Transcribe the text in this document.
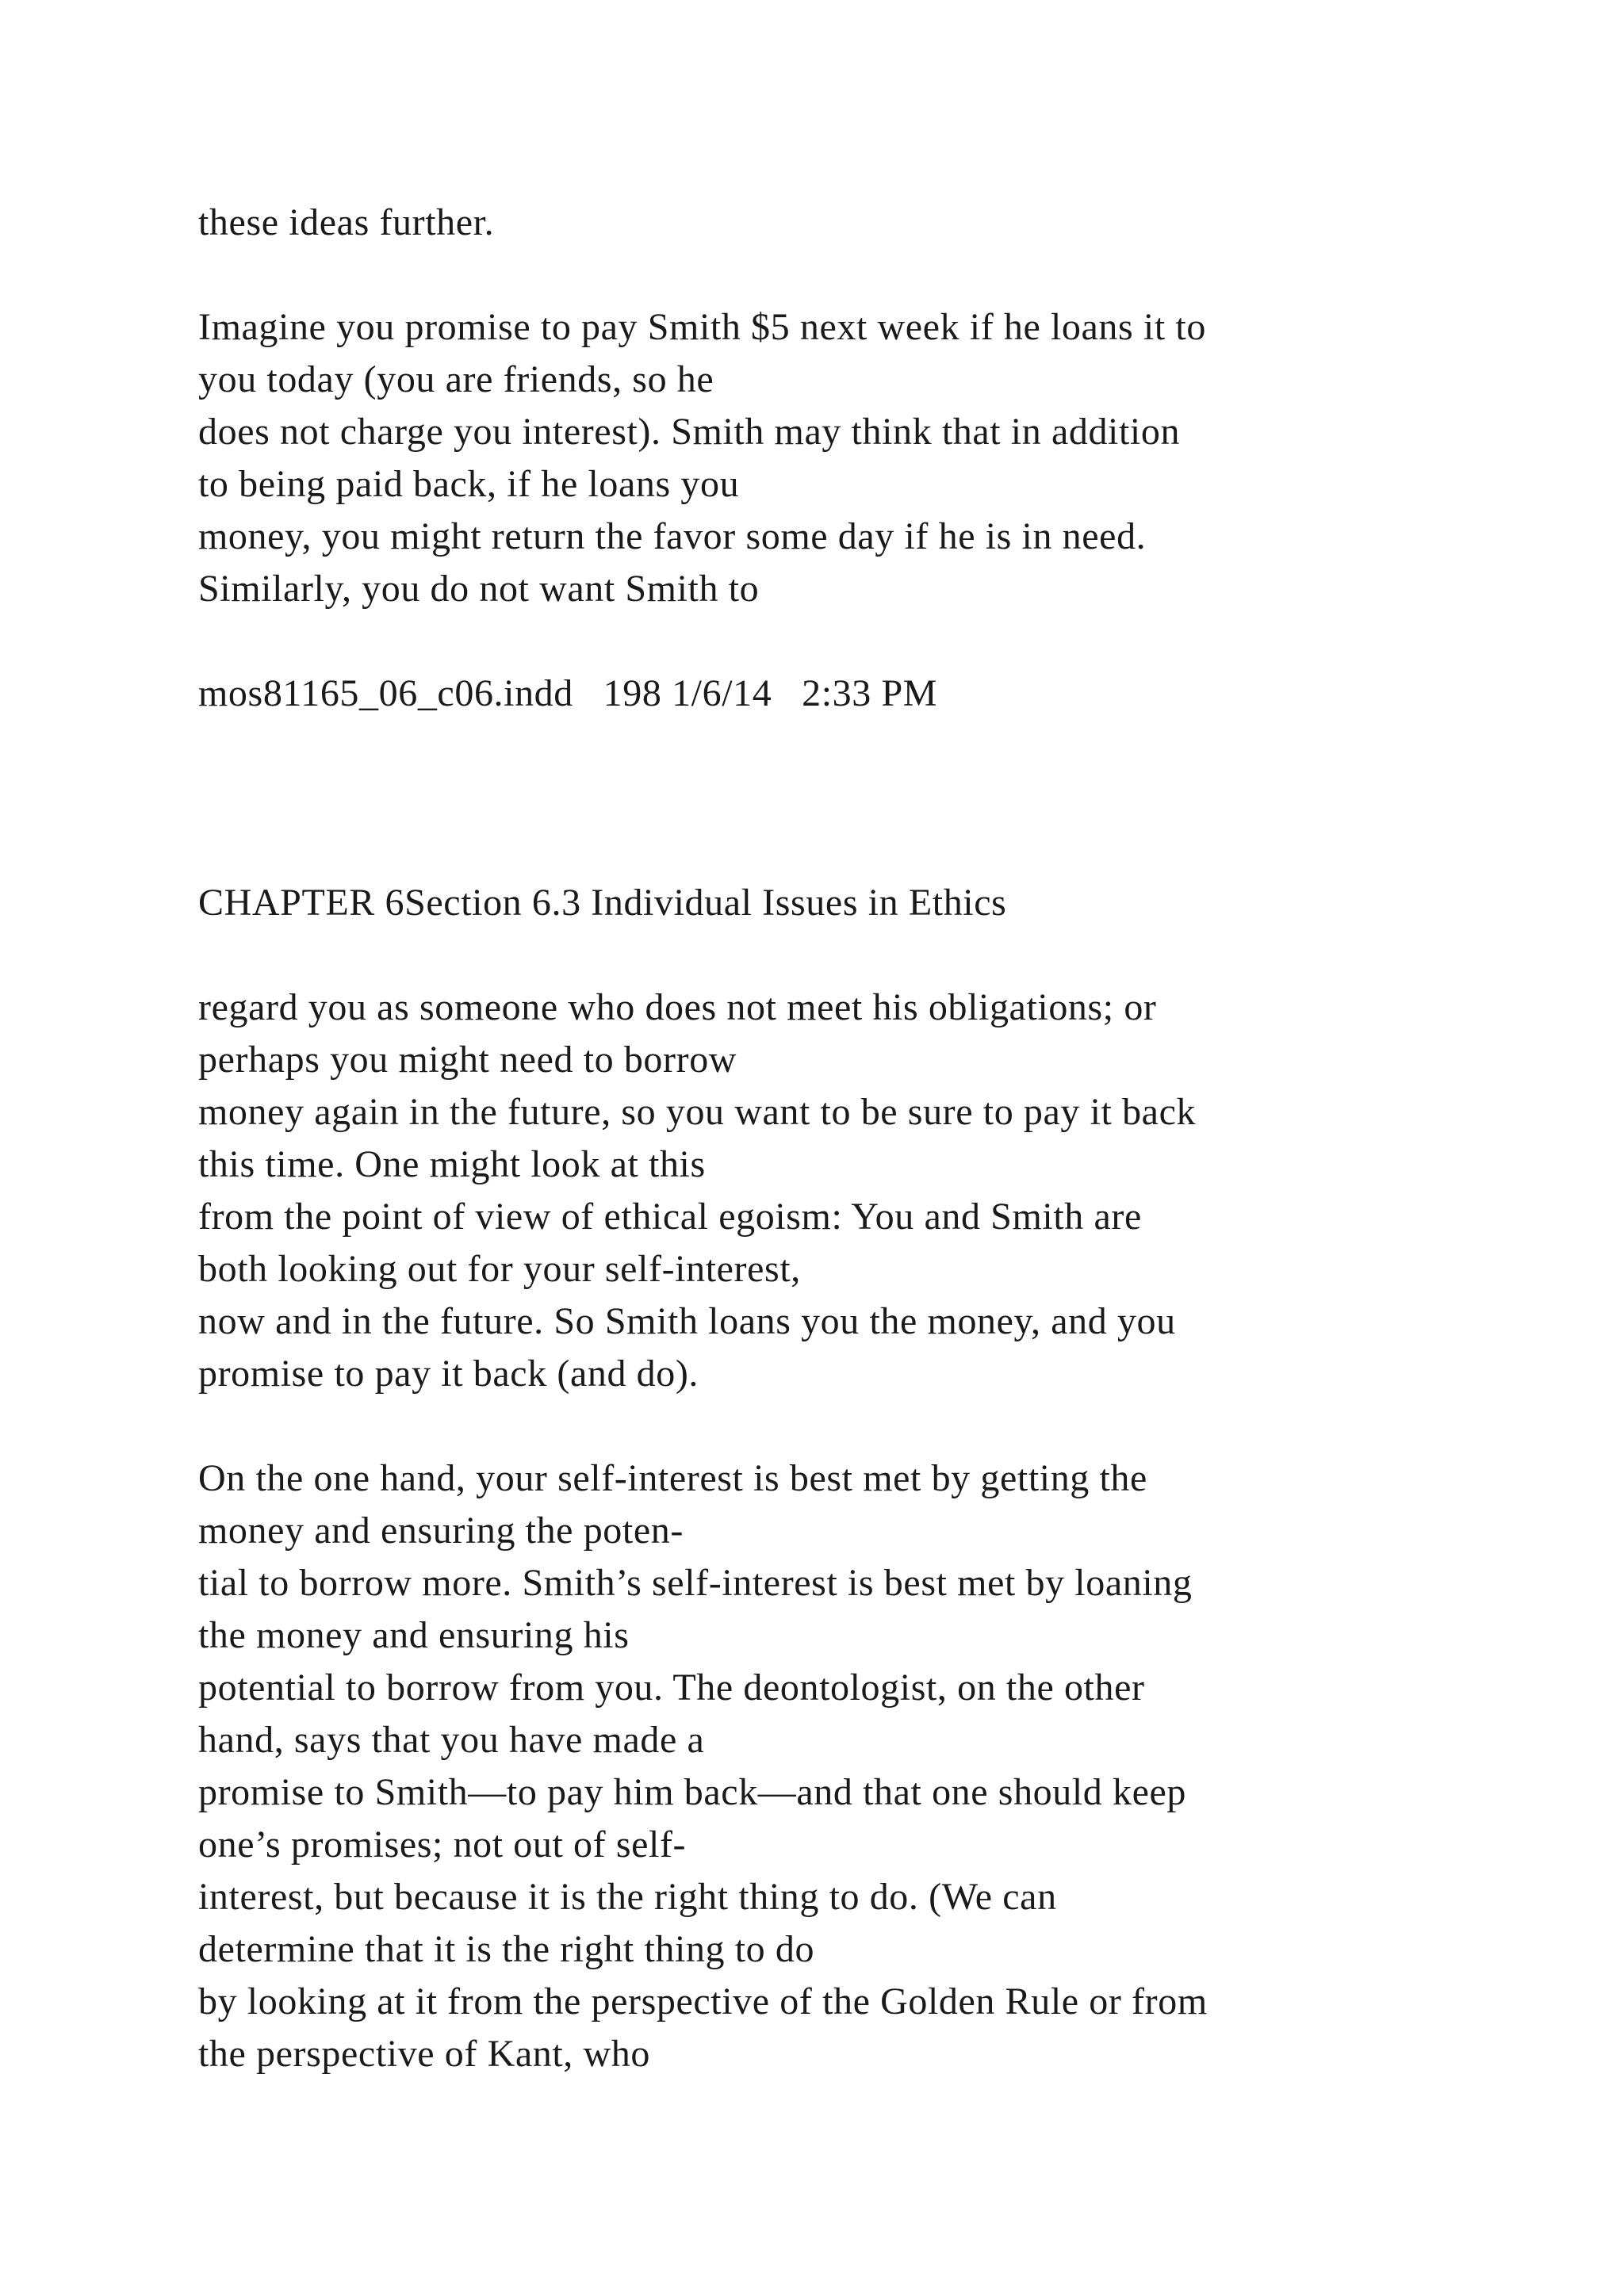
these ideas further.
Imagine you promise to pay Smith $5 next week if he loans it to
you today (you are friends, so he
does not charge you interest). Smith may think that in addition
to being paid back, if he loans you
money, you might return the favor some day if he is in need.
Similarly, you do not want Smith to
mos81165_06_c06.indd   198 1/6/14   2:33 PM
CHAPTER 6Section 6.3 Individual Issues in Ethics
regard you as someone who does not meet his obligations; or
perhaps you might need to borrow
money again in the future, so you want to be sure to pay it back
this time. One might look at this
from the point of view of ethical egoism: You and Smith are
both looking out for your self-interest,
now and in the future. So Smith loans you the money, and you
promise to pay it back (and do).
On the one hand, your self-interest is best met by getting the
money and ensuring the poten-
tial to borrow more. Smith’s self-interest is best met by loaning
the money and ensuring his
potential to borrow from you. The deontologist, on the other
hand, says that you have made a
promise to Smith—to pay him back—and that one should keep
one’s promises; not out of self-
interest, but because it is the right thing to do. (We can
determine that it is the right thing to do
by looking at it from the perspective of the Golden Rule or from
the perspective of Kant, who
